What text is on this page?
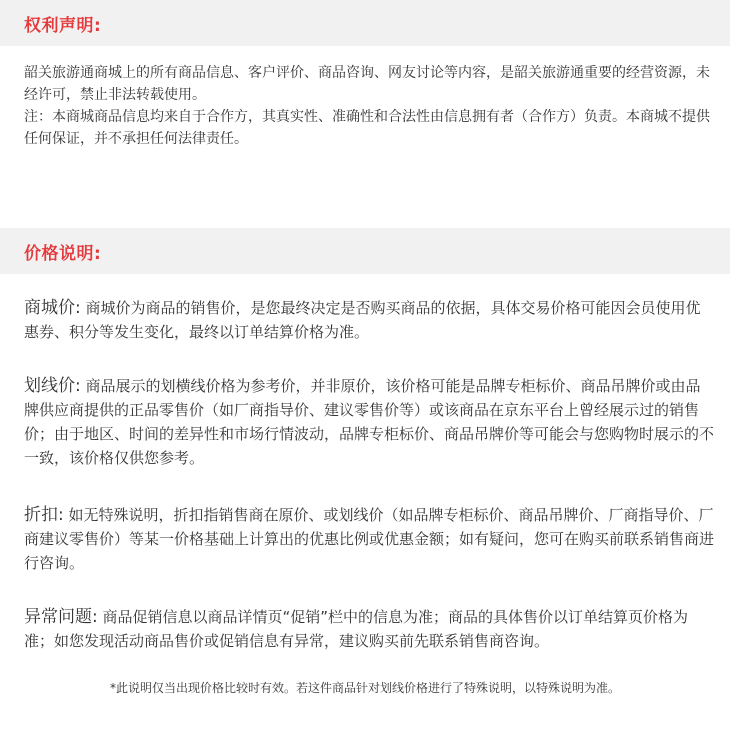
权利声明:

韶关旅游通商城上的所有商品信息、客户评价、商品咨询、网友讨论等内容，是韶关旅游通重要的经营资源，未经许可，禁止非法转载使用。
注：本商城商品信息均来自于合作方，其真实性、准确性和合法性由信息拥有者（合作方）负责。本商城不提供任何保证，并不承担任何法律责任。

价格说明:

商城价: 商城价为商品的销售价，是您最终决定是否购买商品的依据，具体交易价格可能因会员使用优惠券、积分等发生变化，最终以订单结算价格为准。

划线价: 商品展示的划横线价格为参考价，并非原价，该价格可能是品牌专柜标价、商品吊牌价或由品牌供应商提供的正品零售价（如厂商指导价、建议零售价等）或该商品在京东平台上曾经展示过的销售价；由于地区、时间的差异性和市场行情波动，品牌专柜标价、商品吊牌价等可能会与您购物时展示的不一致，该价格仅供您参考。

折扣: 如无特殊说明，折扣指销售商在原价、或划线价（如品牌专柜标价、商品吊牌价、厂商指导价、厂商建议零售价）等某一价格基础上计算出的优惠比例或优惠金额；如有疑问，您可在购买前联系销售商进行咨询。

异常问题: 商品促销信息以商品详情页“促销”栏中的信息为准；商品的具体售价以订单结算页价格为准；如您发现活动商品售价或促销信息有异常，建议购买前先联系销售商咨询。

*此说明仅当出现价格比较时有效。若这件商品针对划线价格进行了特殊说明，以特殊说明为准。
